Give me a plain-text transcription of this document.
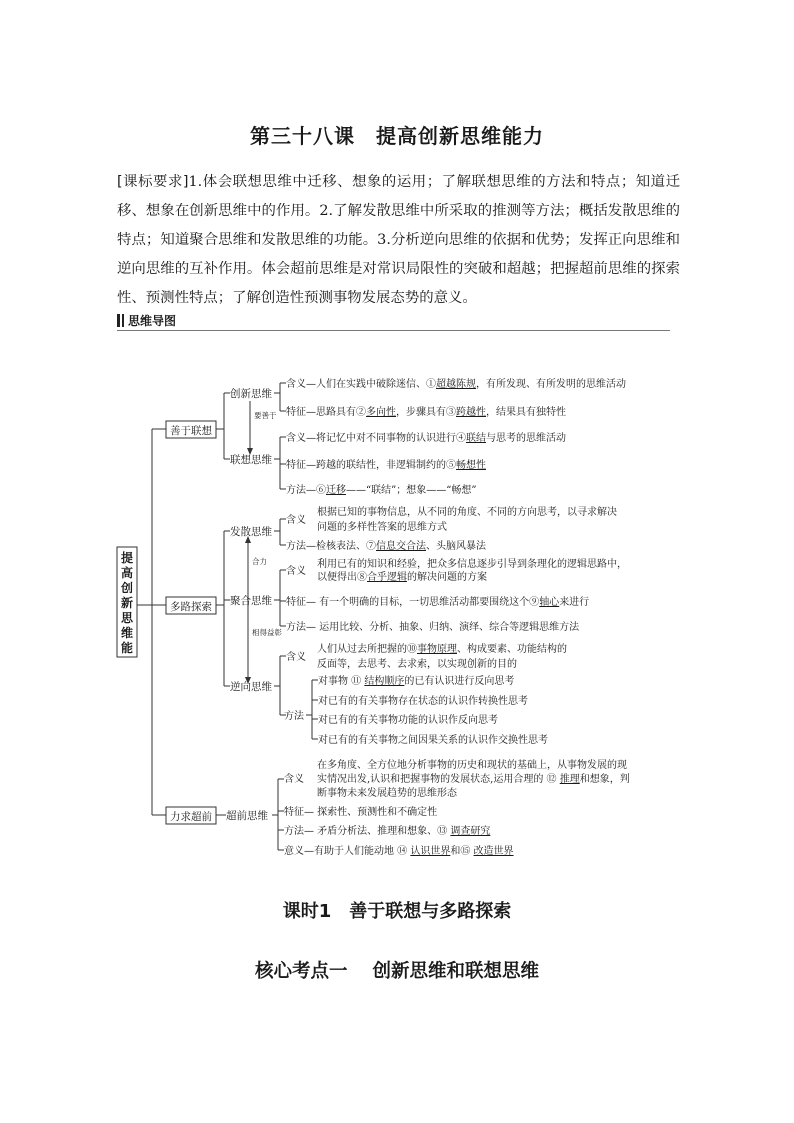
第三十八课　提高创新思维能力
[课标要求]1.体会联想思维中迁移、想象的运用；了解联想思维的方法和特点；知道迁移、想象在创新思维中的作用。2.了解发散思维中所采取的推测等方法；概括发散思维的特点；知道聚合思维和发散思维的功能。3.分析逆向思维的依据和优势；发挥正向思维和逆向思维的互补作用。体会超前思维是对常识局限性的突破和超越；把握超前思维的探索性、预测性特点；了解创造性预测事物发展态势的意义。
思维导图
提
高
创
新
思
维
能
善于联想
多路探索
力求超前
创新思维
联想思维
发散思维
聚合思维
逆向思维
超前思维
要善于
合力
相得益彰
含义—人们在实践中破除迷信、①超越陈规，有所发现、有所发明的思维活动
特征—思路具有②多向性，步骤具有③跨越性，结果具有独特性
含义—将记忆中对不同事物的认识进行④联结与思考的思维活动
特征—跨越的联结性，非逻辑制约的⑤畅想性
方法—⑥迁移——“联结”；想象——“畅想”
含义
根据已知的事物信息，从不同的角度、不同的方向思考，以寻求解决
问题的多样性答案的思维方式
方法—检核表法、⑦信息交合法、头脑风暴法
含义
利用已有的知识和经验，把众多信息逐步引导到条理化的逻辑思路中，
以便得出⑧合乎逻辑的解决问题的方案
特征— 有一个明确的目标，一切思维活动都要围绕这个⑨轴心来进行
方法— 运用比较、分析、抽象、归纳、演绎、综合等逻辑思维方法
含义
人们从过去所把握的⑩事物原理、构成要素、功能结构的
反面等，去思考、去求索，以实现创新的目的
方法
对事物 ⑪ 结构顺序的已有认识进行反向思考
对已有的有关事物存在状态的认识作转换性思考
对已有的有关事物功能的认识作反向思考
对已有的有关事物之间因果关系的认识作交换性思考
含义
在多角度、全方位地分析事物的历史和现状的基础上，从事物发展的现
实情况出发,认识和把握事物的发展状态,运用合理的 ⑫ 推理和想象，判
断事物未来发展趋势的思维形态
特征— 探索性、预测性和不确定性
方法— 矛盾分析法、推理和想象、⑬ 调查研究
意义—有助于人们能动地 ⑭ 认识世界和⑮ 改造世界
课时1　善于联想与多路探索
核心考点一　 创新思维和联想思维
